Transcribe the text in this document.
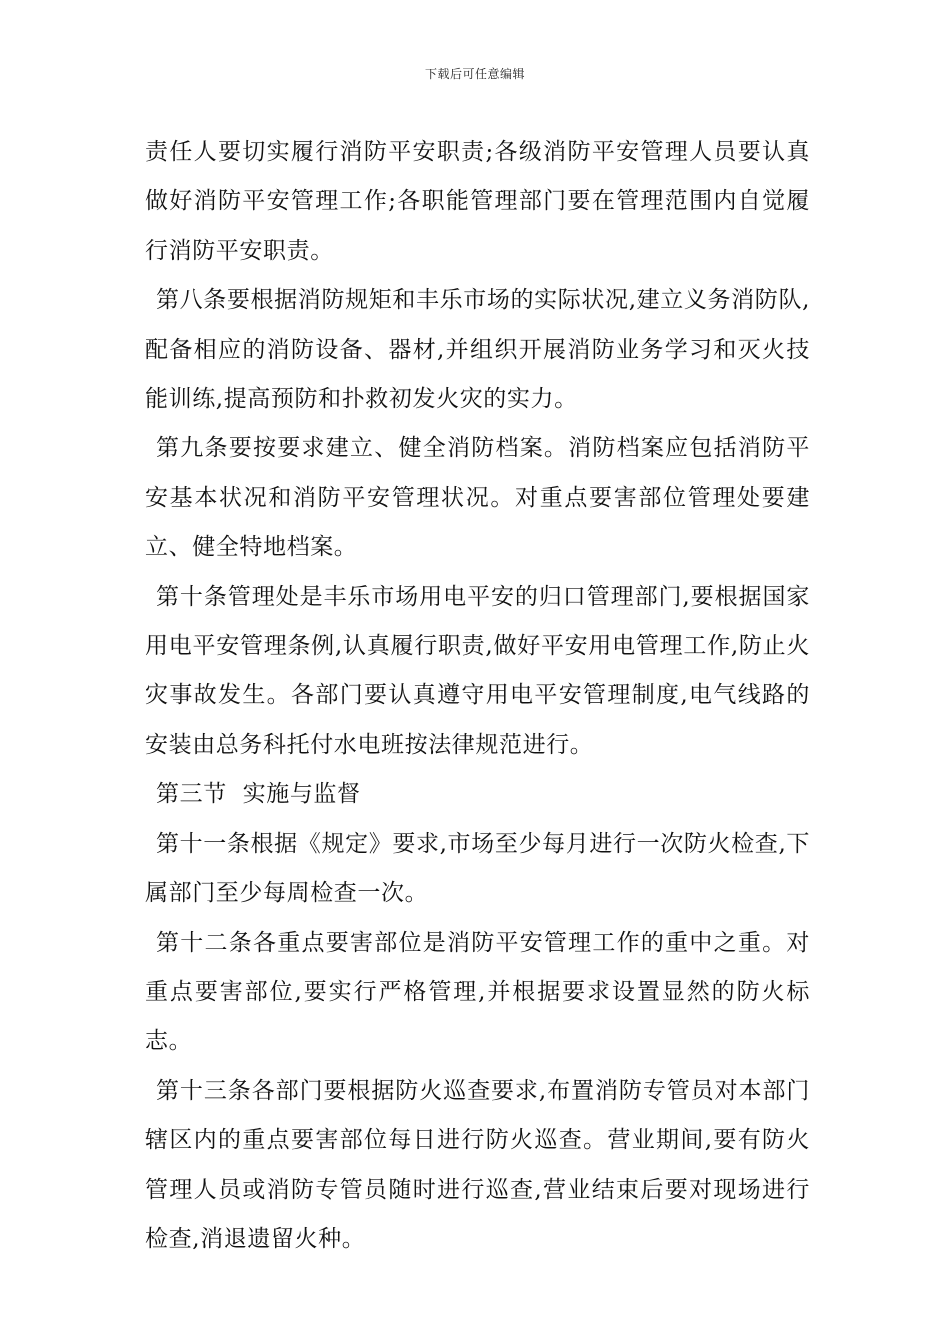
下载后可任意编辑

责任人要切实履行消防平安职责;各级消防平安管理人员要认真做好消防平安管理工作;各职能管理部门要在管理范围内自觉履行消防平安职责。

第八条要根据消防规矩和丰乐市场的实际状况,建立义务消防队,配备相应的消防设备、器材,并组织开展消防业务学习和灭火技能训练,提高预防和扑救初发火灾的实力。

第九条要按要求建立、健全消防档案。消防档案应包括消防平安基本状况和消防平安管理状况。对重点要害部位管理处要建立、健全特地档案。

第十条管理处是丰乐市场用电平安的归口管理部门,要根据国家用电平安管理条例,认真履行职责,做好平安用电管理工作,防止火灾事故发生。各部门要认真遵守用电平安管理制度,电气线路的安装由总务科托付水电班按法律规范进行。

第三节  实施与监督

第十一条根据《规定》要求,市场至少每月进行一次防火检查,下属部门至少每周检查一次。

第十二条各重点要害部位是消防平安管理工作的重中之重。对重点要害部位,要实行严格管理,并根据要求设置显然的防火标志。

第十三条各部门要根据防火巡查要求,布置消防专管员对本部门辖区内的重点要害部位每日进行防火巡查。营业期间,要有防火管理人员或消防专管员随时进行巡查,营业结束后要对现场进行检查,消退遗留火种。
